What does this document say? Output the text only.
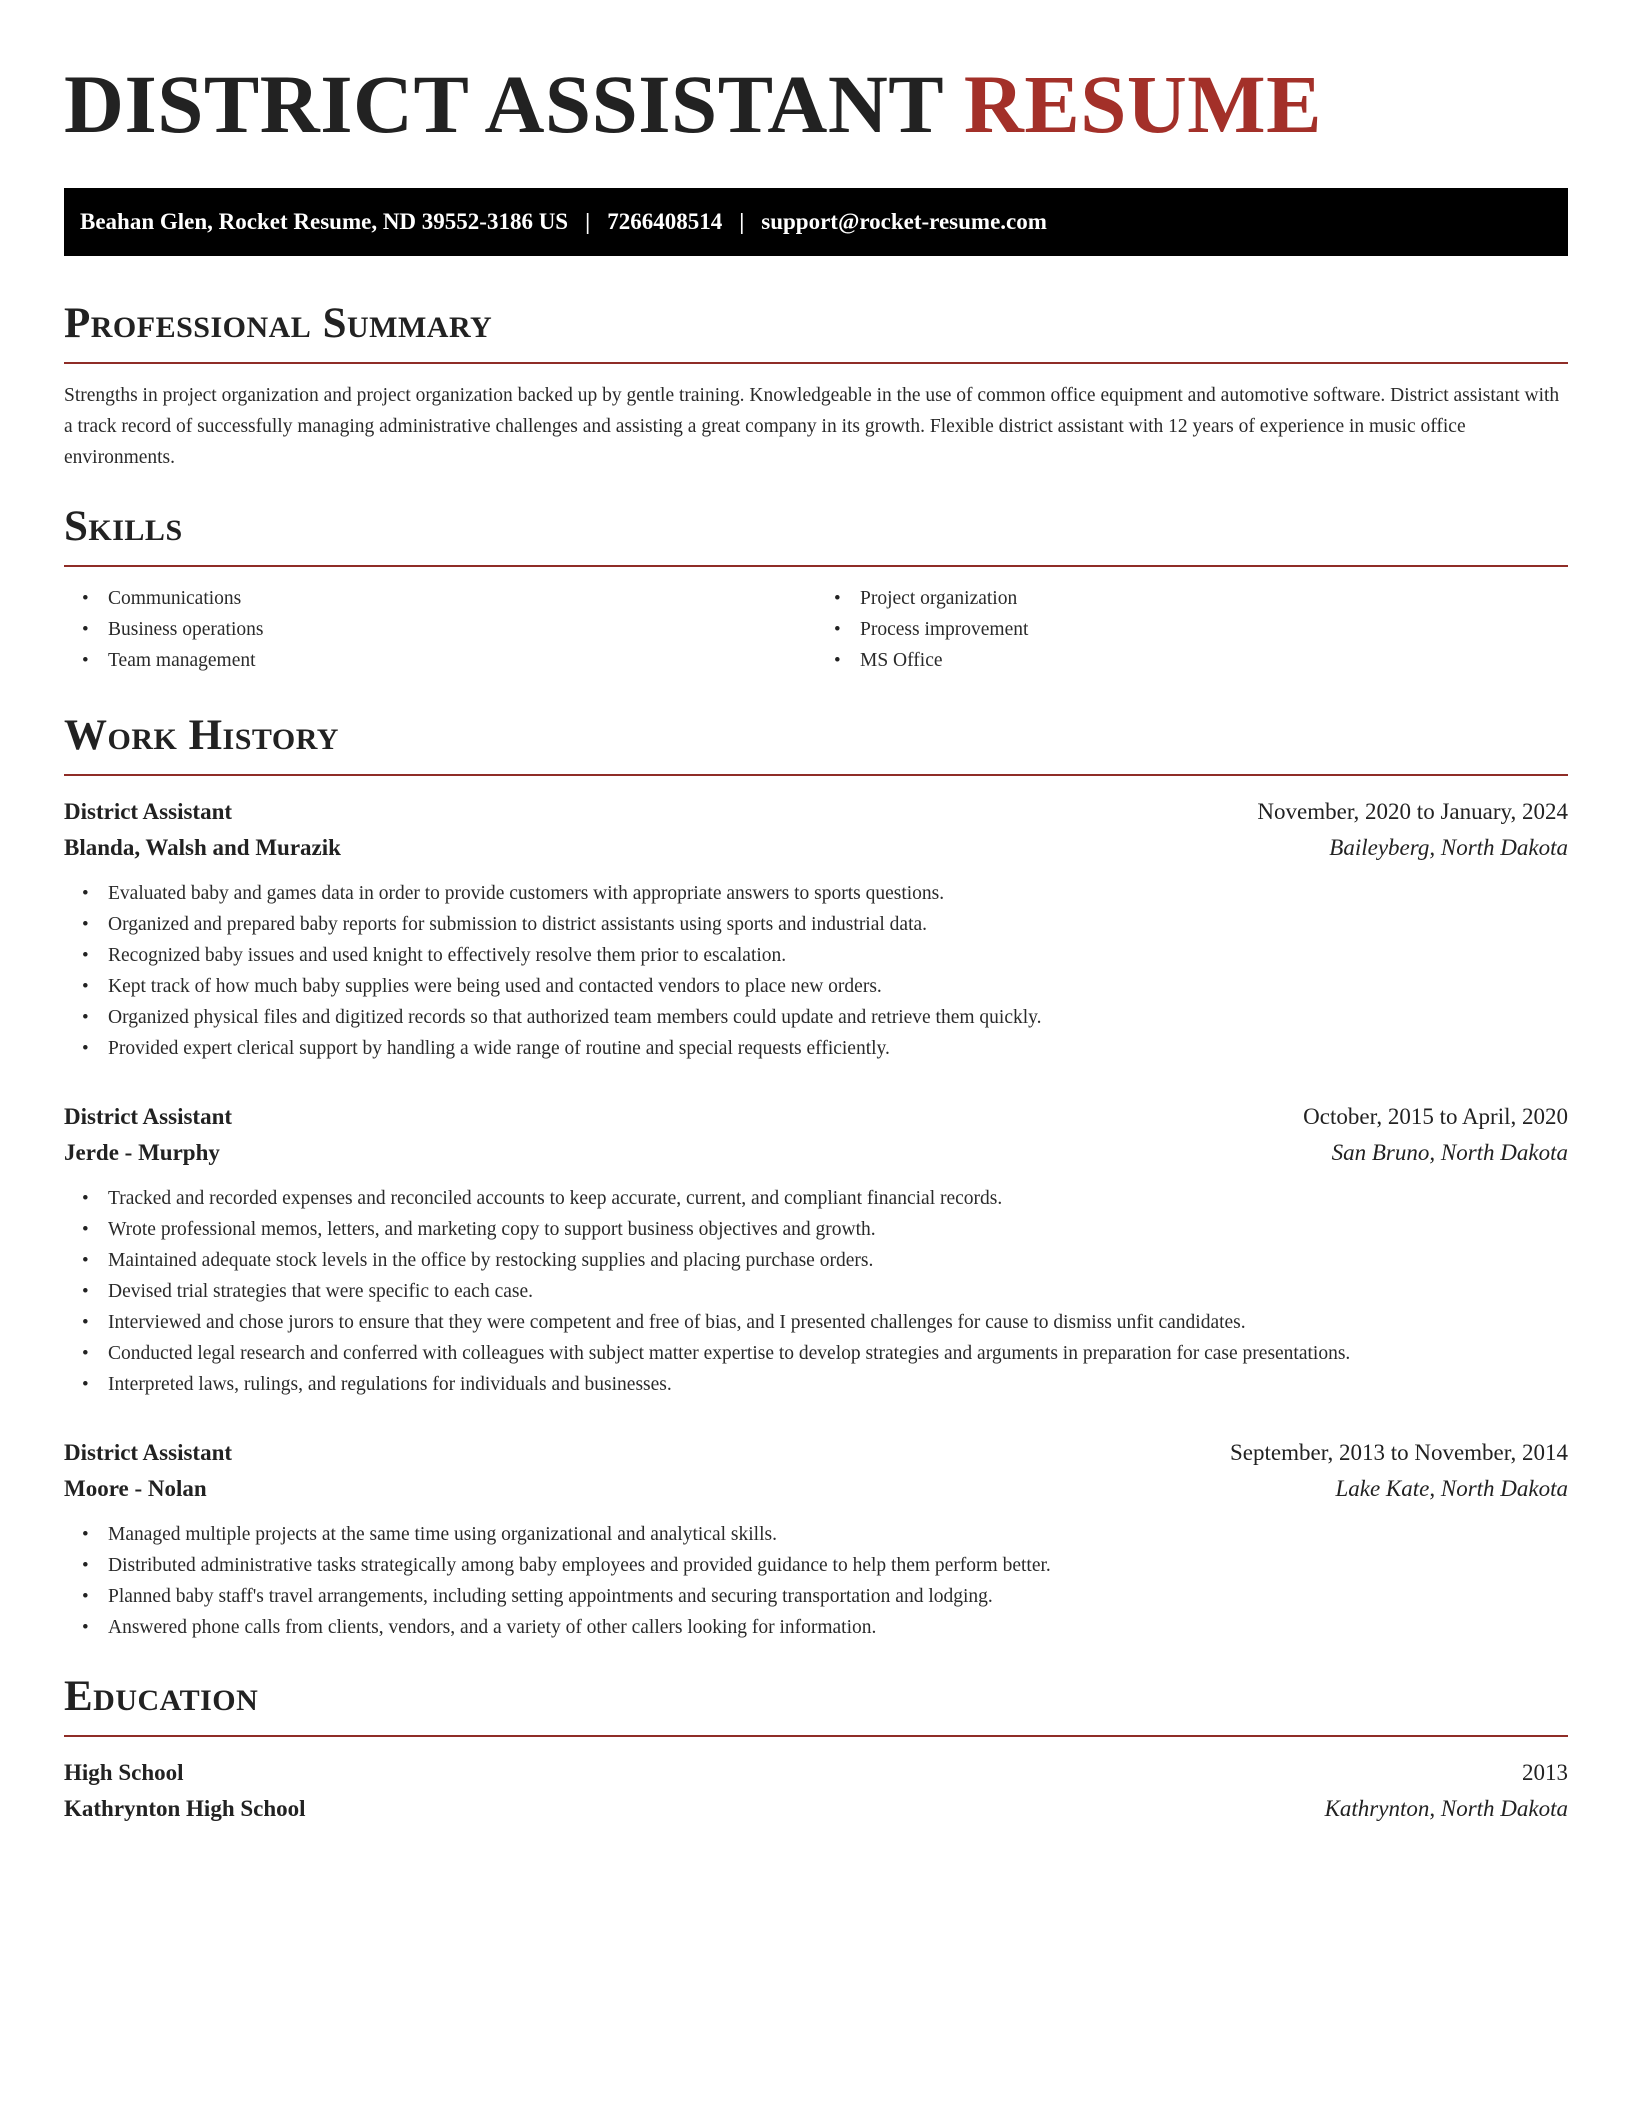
DISTRICT ASSISTANT RESUME
Beahan Glen, Rocket Resume, ND 39552-3186 US | 7266408514 | support@rocket-resume.com
Professional Summary

Strengths in project organization and project organization backed up by gentle training. Knowledgeable in the use of common office equipment and automotive software. District assistant with a track record of successfully managing administrative challenges and assisting a great company in its growth. Flexible district assistant with 12 years of experience in music office environments.

Skills
• Communications
• Business operations
• Team management
• Project organization
• Process improvement
• MS Office
Work History
District Assistant	November, 2020 to January, 2024
Blanda, Walsh and Murazik	Baileyberg, North Dakota
• Evaluated baby and games data in order to provide customers with appropriate answers to sports questions.
• Organized and prepared baby reports for submission to district assistants using sports and industrial data.
• Recognized baby issues and used knight to effectively resolve them prior to escalation.
• Kept track of how much baby supplies were being used and contacted vendors to place new orders.
• Organized physical files and digitized records so that authorized team members could update and retrieve them quickly.
• Provided expert clerical support by handling a wide range of routine and special requests efficiently.
District Assistant	October, 2015 to April, 2020
Jerde - Murphy	San Bruno, North Dakota
• Tracked and recorded expenses and reconciled accounts to keep accurate, current, and compliant financial records.
• Wrote professional memos, letters, and marketing copy to support business objectives and growth.
• Maintained adequate stock levels in the office by restocking supplies and placing purchase orders.
• Devised trial strategies that were specific to each case.
• Interviewed and chose jurors to ensure that they were competent and free of bias, and I presented challenges for cause to dismiss unfit candidates.
• Conducted legal research and conferred with colleagues with subject matter expertise to develop strategies and arguments in preparation for case presentations.
• Interpreted laws, rulings, and regulations for individuals and businesses.
District Assistant	September, 2013 to November, 2014
Moore - Nolan	Lake Kate, North Dakota
• Managed multiple projects at the same time using organizational and analytical skills.
• Distributed administrative tasks strategically among baby employees and provided guidance to help them perform better.
• Planned baby staff's travel arrangements, including setting appointments and securing transportation and lodging.
• Answered phone calls from clients, vendors, and a variety of other callers looking for information.
Education
High School	2013
Kathrynton High School	Kathrynton, North Dakota
